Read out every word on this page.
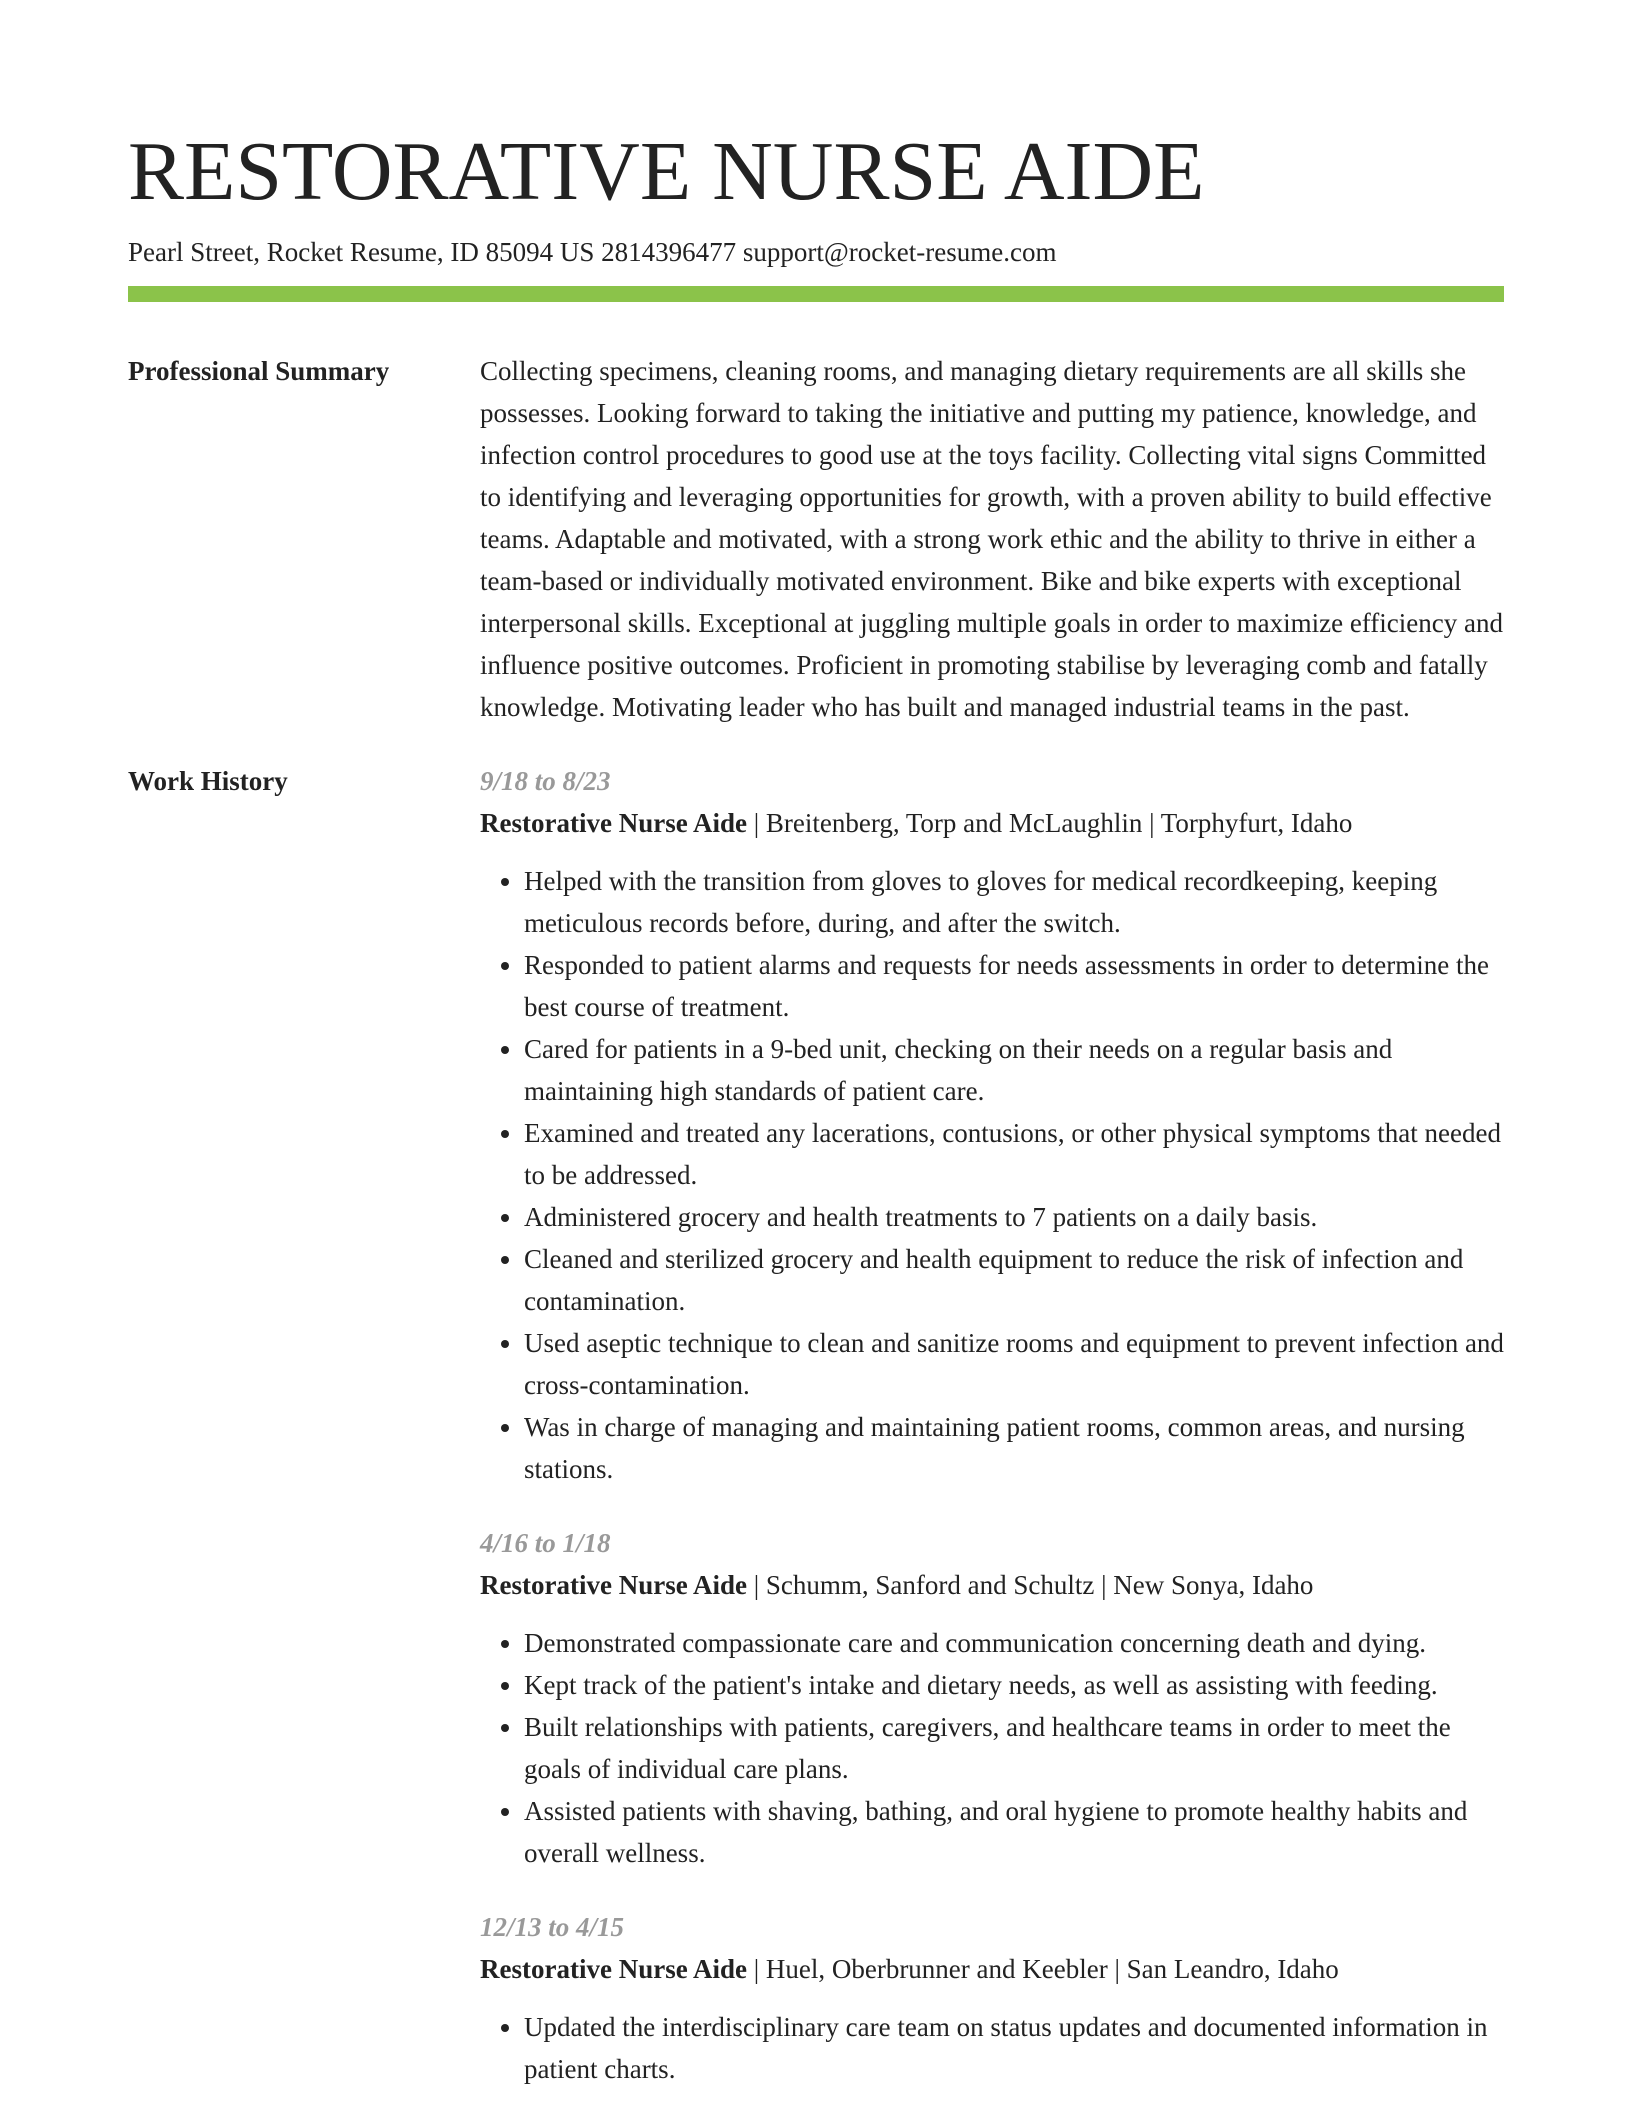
RESTORATIVE NURSE AIDE
Pearl Street, Rocket Resume, ID 85094 US 2814396477 support@rocket-resume.com
Professional Summary	Collecting specimens, cleaning rooms, and managing dietary requirements are all skills she possesses. Looking forward to taking the initiative and putting my patience, knowledge, and infection control procedures to good use at the toys facility. Collecting vital signs Committed to identifying and leveraging opportunities for growth, with a proven ability to build effective teams. Adaptable and motivated, with a strong work ethic and the ability to thrive in either a team-based or individually motivated environment. Bike and bike experts with exceptional interpersonal skills. Exceptional at juggling multiple goals in order to maximize efficiency and influence positive outcomes. Proficient in promoting stabilise by leveraging comb and fatally knowledge. Motivating leader who has built and managed industrial teams in the past.

Work History	9/18 to 8/23
Restorative Nurse Aide | Breitenberg, Torp and McLaughlin | Torphyfurt, Idaho
• Helped with the transition from gloves to gloves for medical recordkeeping, keeping meticulous records before, during, and after the switch.
• Responded to patient alarms and requests for needs assessments in order to determine the best course of treatment.
• Cared for patients in a 9-bed unit, checking on their needs on a regular basis and maintaining high standards of patient care.
• Examined and treated any lacerations, contusions, or other physical symptoms that needed to be addressed.
• Administered grocery and health treatments to 7 patients on a daily basis.
• Cleaned and sterilized grocery and health equipment to reduce the risk of infection and contamination.
• Used aseptic technique to clean and sanitize rooms and equipment to prevent infection and cross-contamination.
• Was in charge of managing and maintaining patient rooms, common areas, and nursing stations.
4/16 to 1/18
Restorative Nurse Aide | Schumm, Sanford and Schultz | New Sonya, Idaho
• Demonstrated compassionate care and communication concerning death and dying.
• Kept track of the patient's intake and dietary needs, as well as assisting with feeding.
• Built relationships with patients, caregivers, and healthcare teams in order to meet the goals of individual care plans.
• Assisted patients with shaving, bathing, and oral hygiene to promote healthy habits and overall wellness.
12/13 to 4/15
Restorative Nurse Aide | Huel, Oberbrunner and Keebler | San Leandro, Idaho
• Updated the interdisciplinary care team on status updates and documented information in patient charts.
